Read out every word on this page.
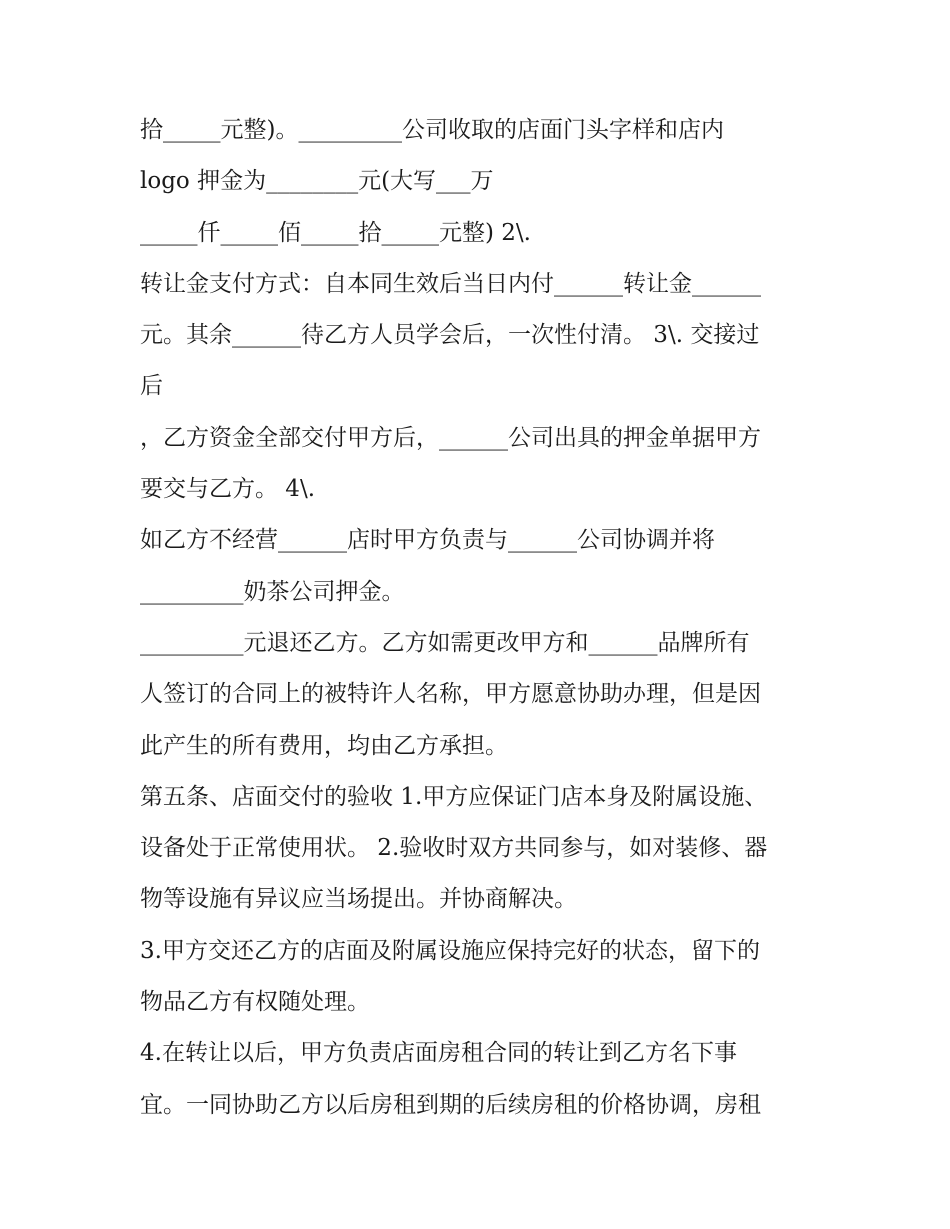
拾_____元整)。_________公司收取的店面门头字样和店内
logo 押金为________元(大写___万
_____仟_____佰_____拾_____元整) 2\.
转让金支付方式：自本同生效后当日内付______转让金______
元。其余______待乙方人员学会后，一次性付清。 3\. 交接过
后
，乙方资金全部交付甲方后，______公司出具的押金单据甲方
要交与乙方。 4\.
如乙方不经营______店时甲方负责与______公司协调并将
_________奶茶公司押金。
_________元退还乙方。乙方如需更改甲方和______品牌所有
人签订的合同上的被特许人名称，甲方愿意协助办理，但是因
此产生的所有费用，均由乙方承担。
第五条、店面交付的验收 1.甲方应保证门店本身及附属设施、
设备处于正常使用状。 2.验收时双方共同参与，如对装修、器
物等设施有异议应当场提出。并协商解决。
3.甲方交还乙方的店面及附属设施应保持完好的状态，留下的
物品乙方有权随处理。
4.在转让以后，甲方负责店面房租合同的转让到乙方名下事
宜。一同协助乙方以后房租到期的后续房租的价格协调，房租
